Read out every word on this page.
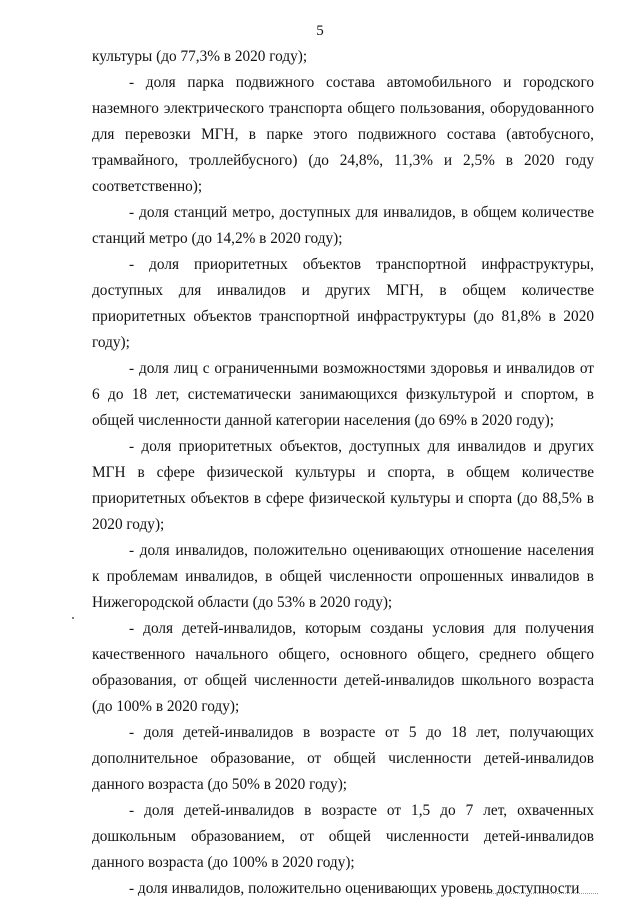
5

культуры (до 77,3% в 2020 году);

- доля парка подвижного состава автомобильного и городского наземного электрического транспорта общего пользования, оборудованного для перевозки МГН, в парке этого подвижного состава (автобусного, трамвайного, троллейбусного) (до 24,8%, 11,3% и 2,5% в 2020 году соответственно);

- доля станций метро, доступных для инвалидов, в общем количестве станций метро (до 14,2% в 2020 году);

- доля приоритетных объектов транспортной инфраструктуры, доступных для инвалидов и других МГН, в общем количестве приоритетных объектов транспортной инфраструктуры (до 81,8% в 2020 году);

- доля лиц с ограниченными возможностями здоровья и инвалидов от 6 до 18 лет, систематически занимающихся физкультурой и спортом, в общей численности данной категории населения (до 69% в 2020 году);

- доля приоритетных объектов, доступных для инвалидов и других МГН в сфере физической культуры и спорта, в общем количестве приоритетных объектов в сфере физической культуры и спорта (до 88,5% в 2020 году);

- доля инвалидов, положительно оценивающих отношение населения к проблемам инвалидов, в общей численности опрошенных инвалидов в Нижегородской области (до 53% в 2020 году);

- доля детей-инвалидов, которым созданы условия для получения качественного начального общего, основного общего, среднего общего образования, от общей численности детей-инвалидов школьного возраста (до 100% в 2020 году);

- доля детей-инвалидов в возрасте от 5 до 18 лет, получающих дополнительное образование, от общей численности детей-инвалидов данного возраста (до 50% в 2020 году);

- доля детей-инвалидов в возрасте от 1,5 до 7 лет, охваченных дошкольным образованием, от общей численности детей-инвалидов данного возраста (до 100% в 2020 году);

- доля инвалидов, положительно оценивающих уровень доступности
